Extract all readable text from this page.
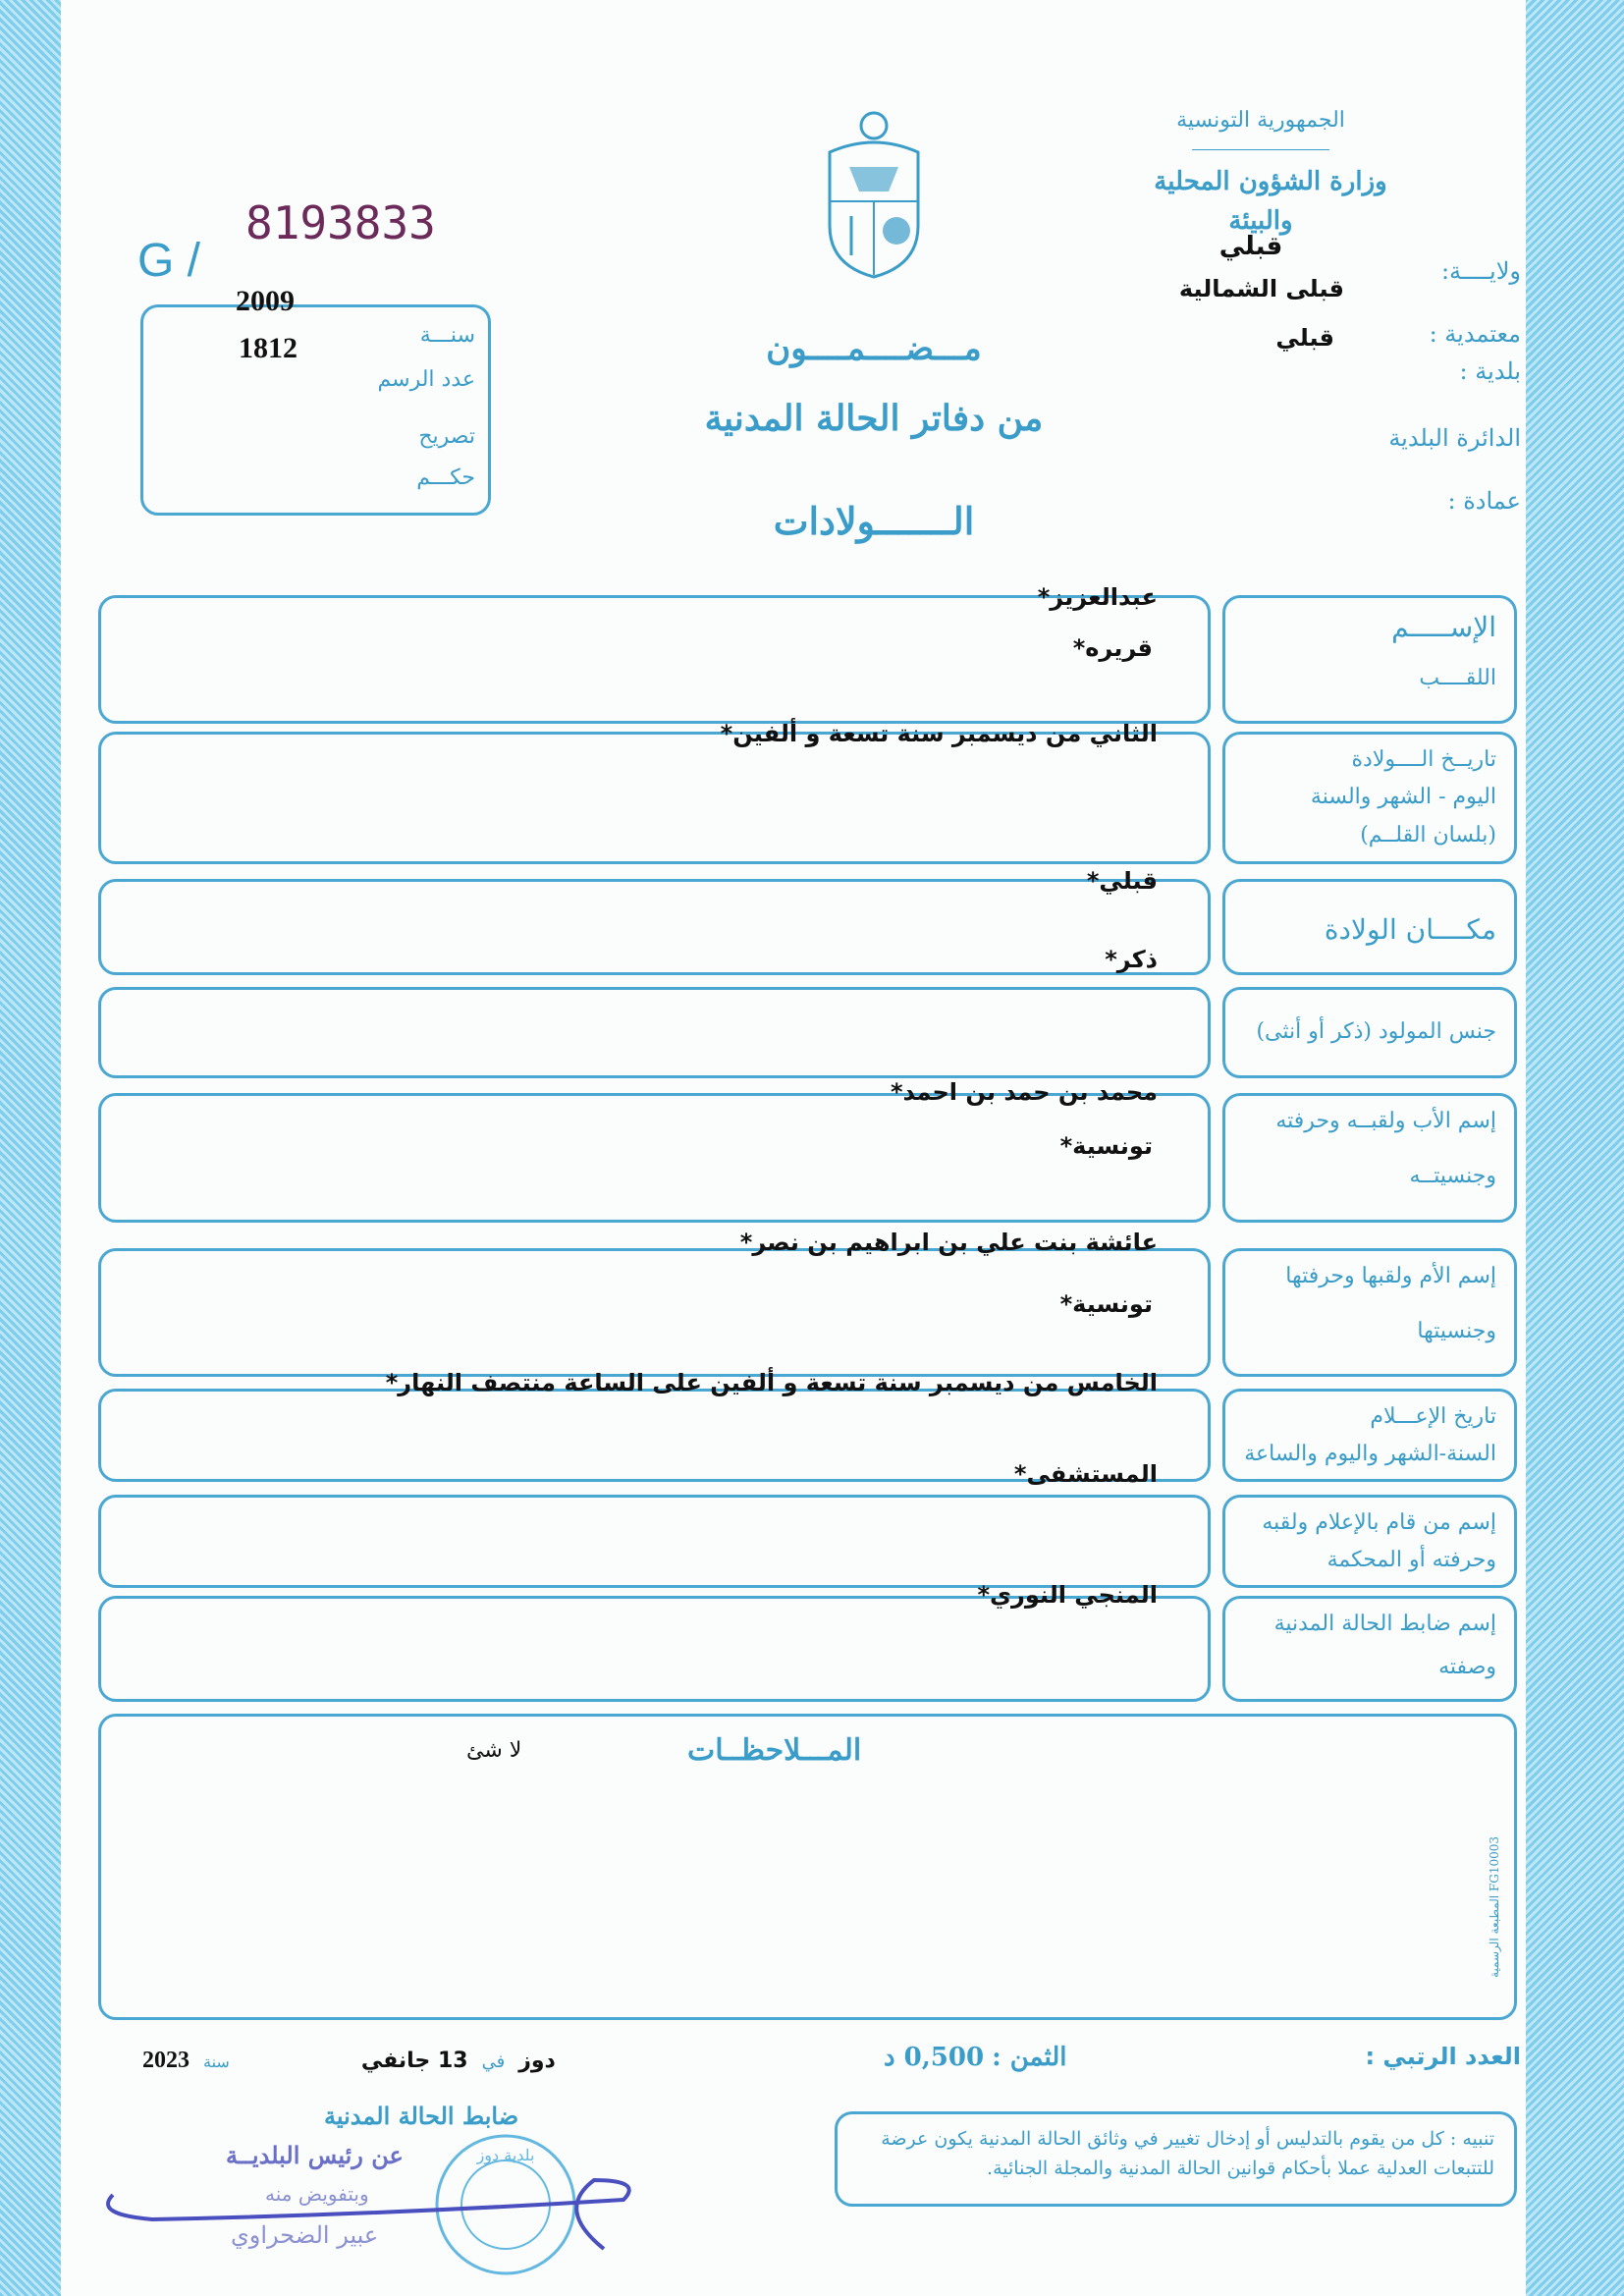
الجمهورية التونسية
وزارة الشؤون المحلية
والبيئة
قبلي
ولايــــة:
قبلى الشمالية
معتمدية :
قبلي
بلدية :
الدائرة البلدية
عمادة :
G /
8193833
2009
1812	سنـــة
عدد الرسم
تصريح
حكـــم
مـــضــــمــــون
من دفاتر الحالة المدنية
الـــــــولادات
الإســـــم
اللقــــب
عبدالعزيز*
قريره*
تاريــخ الــــولادة
اليوم - الشهر والسنة
(بلسان القلــم)
الثاني من ديسمبر سنة تسعة و ألفين*
مكــــان الولادة
قبلي*
جنس المولود (ذكر أو أنثى)
ذكر*
إسم الأب ولقبــه وحرفته
وجنسيتــه
محمد بن حمد بن احمد*
تونسية*
إسم الأم ولقبها وحرفتها
وجنسيتها
عائشة بنت علي بن ابراهيم بن نصر*
تونسية*
تاريخ الإعـــلام
السنة-الشهر واليوم والساعة
الخامس من ديسمبر سنة تسعة و ألفين على الساعة منتصف النهار*
إسم من قام بالإعلام ولقبه
وحرفته أو المحكمة
المستشفى*
إسم ضابط الحالة المدنية
وصفته
المنجي النوري*
المـــلاحظــات
لا شئ
المطبعة الرسمية FG10003
العدد الرتبي :
الثمن :
0,500 د
2023 سنة	13 جانفي في دوز
ضابط الحالة المدنية
عن رئيس البلديــة
وبتفويض منه
عبير الضحراوي
بلدية دوز
تنبيه : كل من يقوم بالتدليس أو إدخال تغيير في وثائق الحالة المدنية يكون عرضة للتتبعات العدلية عملا بأحكام قوانين الحالة المدنية والمجلة الجنائية.
